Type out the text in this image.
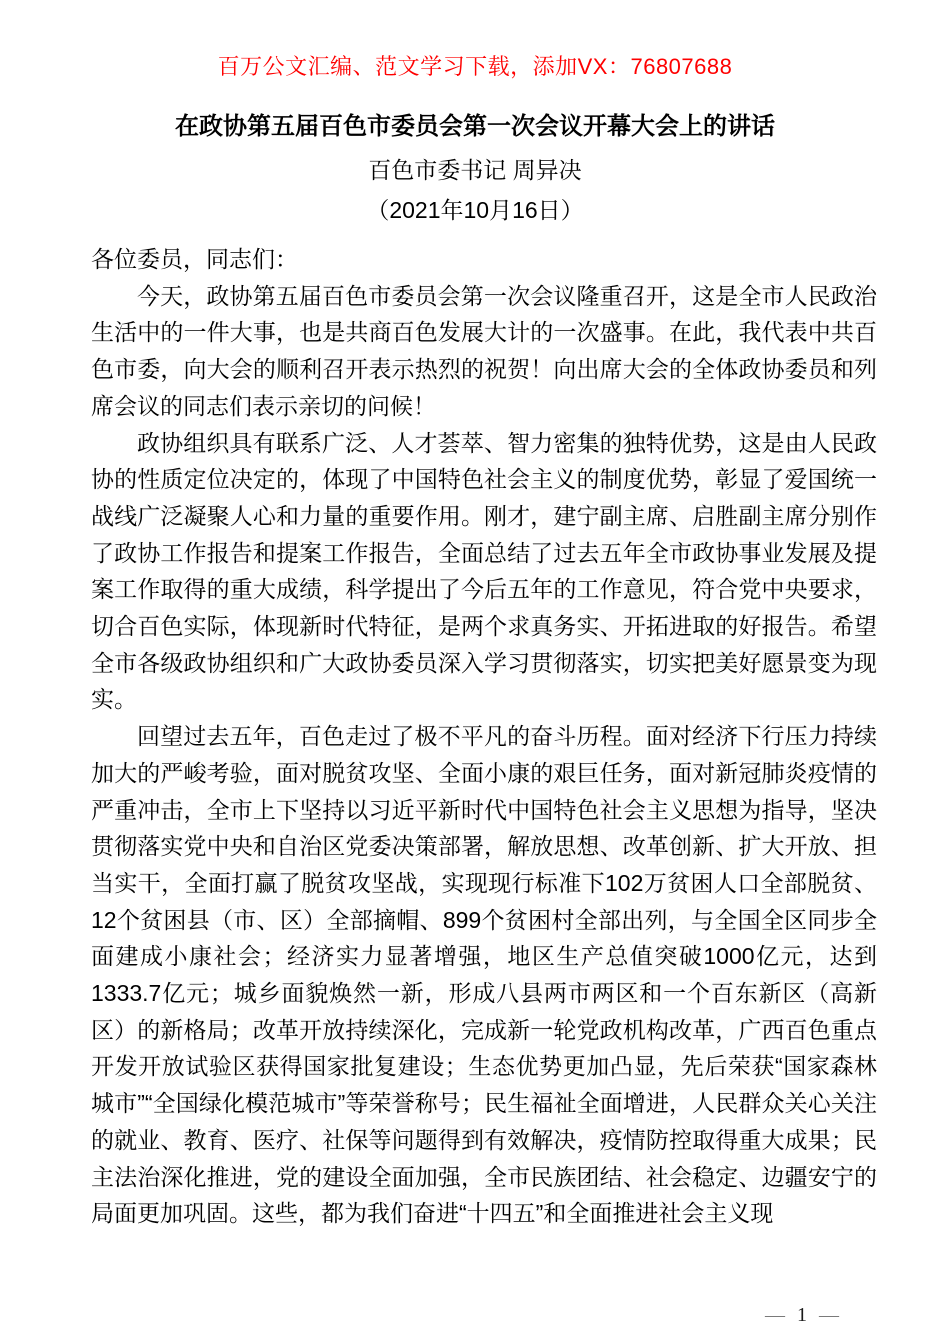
百万公文汇编、范文学习下载，添加VX：76807688
在政协第五届百色市委员会第一次会议开幕大会上的讲话
百色市委书记 周异决
（2021年10月16日）

各位委员，同志们：

今天，政协第五届百色市委员会第一次会议隆重召开，这是全市人民政治生活中的一件大事，也是共商百色发展大计的一次盛事。在此，我代表中共百色市委，向大会的顺利召开表示热烈的祝贺！向出席大会的全体政协委员和列席会议的同志们表示亲切的问候！

政协组织具有联系广泛、人才荟萃、智力密集的独特优势，这是由人民政协的性质定位决定的，体现了中国特色社会主义的制度优势，彰显了爱国统一战线广泛凝聚人心和力量的重要作用。刚才，建宁副主席、启胜副主席分别作了政协工作报告和提案工作报告，全面总结了过去五年全市政协事业发展及提案工作取得的重大成绩，科学提出了今后五年的工作意见，符合党中央要求，切合百色实际，体现新时代特征，是两个求真务实、开拓进取的好报告。希望全市各级政协组织和广大政协委员深入学习贯彻落实，切实把美好愿景变为现实。

回望过去五年，百色走过了极不平凡的奋斗历程。面对经济下行压力持续加大的严峻考验，面对脱贫攻坚、全面小康的艰巨任务，面对新冠肺炎疫情的严重冲击，全市上下坚持以习近平新时代中国特色社会主义思想为指导，坚决贯彻落实党中央和自治区党委决策部署，解放思想、改革创新、扩大开放、担当实干，全面打赢了脱贫攻坚战，实现现行标准下102万贫困人口全部脱贫、12个贫困县（市、区）全部摘帽、899个贫困村全部出列，与全国全区同步全面建成小康社会；经济实力显著增强，地区生产总值突破1000亿元，达到1333.7亿元；城乡面貌焕然一新，形成八县两市两区和一个百东新区（高新区）的新格局；改革开放持续深化，完成新一轮党政机构改革，广西百色重点开发开放试验区获得国家批复建设；生态优势更加凸显，先后荣获“国家森林城市”“全国绿化模范城市”等荣誉称号；民生福祉全面增进，人民群众关心关注的就业、教育、医疗、社保等问题得到有效解决，疫情防控取得重大成果；民主法治深化推进，党的建设全面加强，全市民族团结、社会稳定、边疆安宁的局面更加巩固。这些，都为我们奋进“十四五”和全面推进社会主义现

— 1 —
